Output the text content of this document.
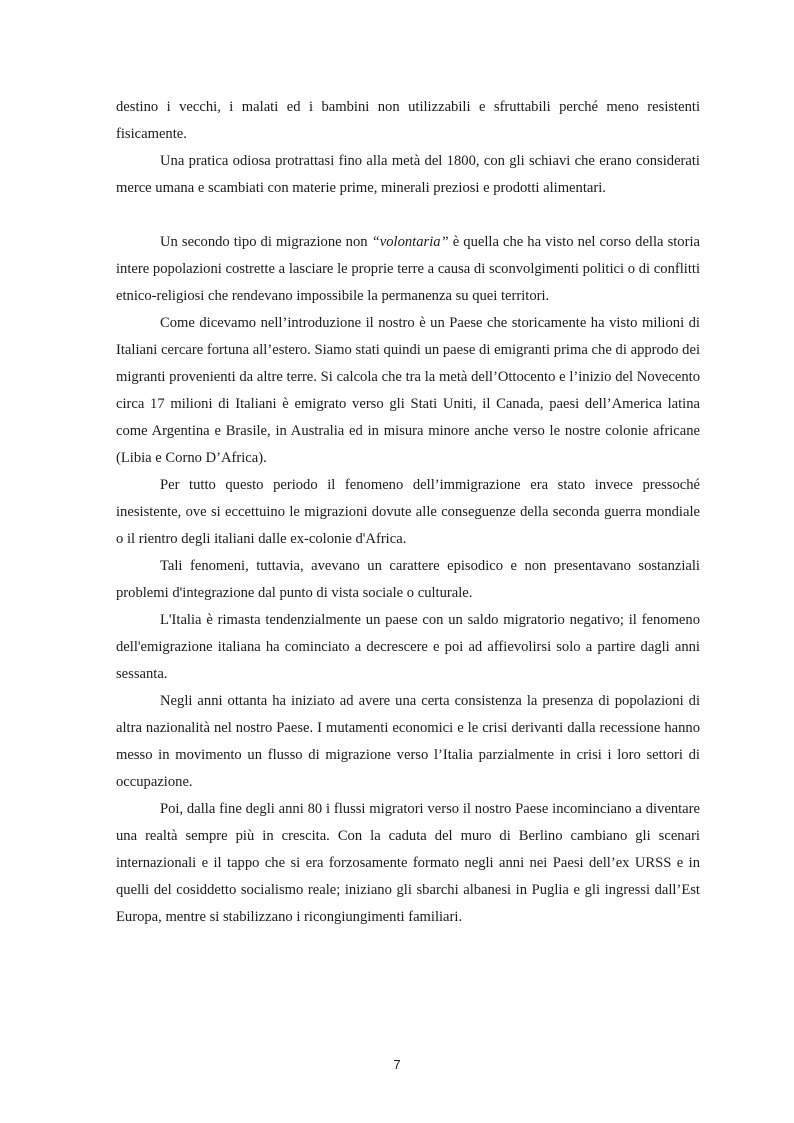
destino i vecchi, i malati ed i bambini non utilizzabili e sfruttabili perché meno resistenti fisicamente.

Una pratica odiosa protrattasi fino alla metà del 1800, con gli schiavi che erano considerati merce umana e scambiati con materie prime, minerali preziosi e prodotti alimentari.

Un secondo tipo di migrazione non “volontaria” è quella che ha visto nel corso della storia intere popolazioni costrette a lasciare le proprie terre a causa di sconvolgimenti politici o di conflitti etnico-religiosi che rendevano impossibile la permanenza su quei territori.

Come dicevamo nell’introduzione il nostro è un Paese che storicamente ha visto milioni di Italiani cercare fortuna all’estero. Siamo stati quindi un paese di emigranti prima che di approdo dei migranti provenienti da altre terre. Si calcola che tra la metà dell’Ottocento e l’inizio del Novecento circa 17 milioni di Italiani è emigrato verso gli Stati Uniti, il Canada, paesi dell’America latina come Argentina e Brasile, in Australia ed in misura minore anche verso le nostre colonie africane (Libia e Corno D’Africa).

Per tutto questo periodo il fenomeno dell’immigrazione era stato invece pressoché inesistente, ove si eccettuino le migrazioni dovute alle conseguenze della seconda guerra mondiale o il rientro degli italiani dalle ex-colonie d'Africa.

Tali fenomeni, tuttavia, avevano un carattere episodico e non presentavano sostanziali problemi d'integrazione dal punto di vista sociale o culturale.

L'Italia è rimasta tendenzialmente un paese con un saldo migratorio negativo; il fenomeno dell'emigrazione italiana ha cominciato a decrescere e poi ad affievolirsi solo a partire dagli anni sessanta.

Negli anni ottanta ha iniziato ad avere una certa consistenza la presenza di popolazioni di altra nazionalità nel nostro Paese. I mutamenti economici e le crisi derivanti dalla recessione hanno messo in movimento un flusso di migrazione verso l’Italia parzialmente in crisi i loro settori di occupazione.

Poi, dalla fine degli anni 80 i flussi migratori verso il nostro Paese incominciano a diventare una realtà sempre più in crescita. Con la caduta del muro di Berlino cambiano gli scenari internazionali e il tappo che si era forzosamente formato negli anni nei Paesi dell’ex URSS e in quelli del cosiddetto socialismo reale; iniziano gli sbarchi albanesi in Puglia e gli ingressi dall’Est Europa, mentre si stabilizzano i ricongiungimenti familiari.

7
